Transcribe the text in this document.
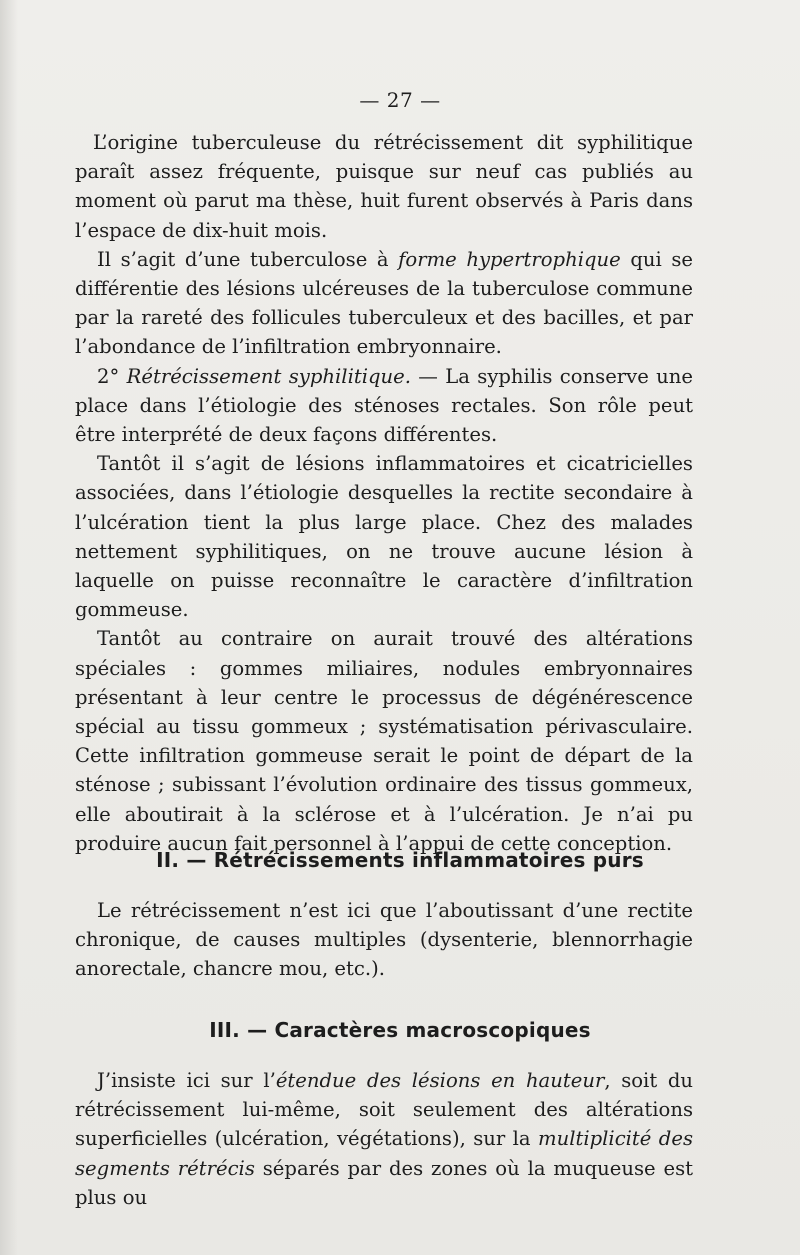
— 27 —

L’origine tuberculeuse du rétrécissement dit syphilitique paraît assez fréquente, puisque sur neuf cas publiés au moment où parut ma thèse, huit furent observés à Paris dans l’espace de dix-huit mois.

Il s’agit d’une tuberculose à forme hypertrophique qui se différentie des lésions ulcéreuses de la tuberculose commune par la rareté des follicules tuberculeux et des bacilles, et par l’abondance de l’infiltration embryonnaire.

2° Rétrécissement syphilitique. — La syphilis conserve une place dans l’étiologie des sténoses rectales. Son rôle peut être interprété de deux façons différentes.

Tantôt il s’agit de lésions inflammatoires et cicatricielles associées, dans l’étiologie desquelles la rectite secondaire à l’ulcération tient la plus large place. Chez des malades nettement syphilitiques, on ne trouve aucune lésion à laquelle on puisse reconnaître le caractère d’infiltration gommeuse.

Tantôt au contraire on aurait trouvé des altérations spéciales : gommes miliaires, nodules embryonnaires présentant à leur centre le processus de dégénérescence spécial au tissu gommeux ; systématisation périvasculaire. Cette infiltration gommeuse serait le point de départ de la sténose ; subissant l’évolution ordinaire des tissus gommeux, elle aboutirait à la sclérose et à l’ulcération. Je n’ai pu produire aucun fait personnel à l’appui de cette conception.

II. — Rétrécissements inflammatoires purs

Le rétrécissement n’est ici que l’aboutissant d’une rectite chronique, de causes multiples (dysenterie, blennorrhagie anorectale, chancre mou, etc.).

III. — Caractères macroscopiques

J’insiste ici sur l’étendue des lésions en hauteur, soit du rétrécissement lui-même, soit seulement des altérations superficielles (ulcération, végétations), sur la multiplicité des segments rétrécis séparés par des zones où la muqueuse est plus ou
